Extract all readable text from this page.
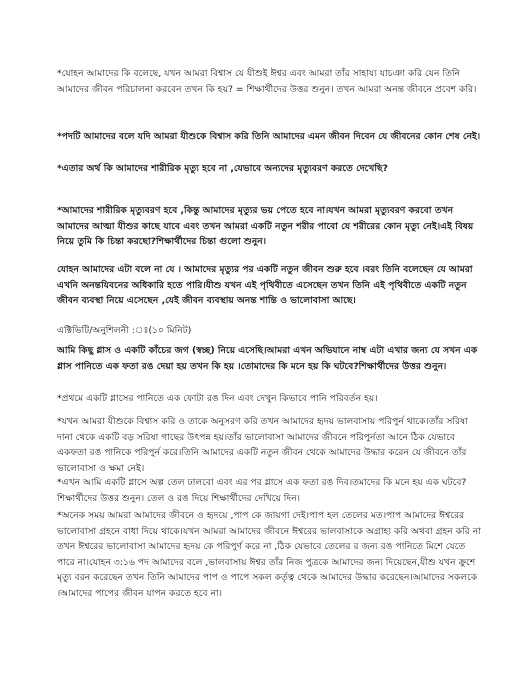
*যোহন আমাদের কি বলেছে, যখন আমরা বিশ্বাস যে যীশুই ঈশ্বর এবং আমরা তাঁর সাহায্য যাচঞা করি যেন তিনি আমাদের জীবন পরিচালনা করবেন তখন কি হয়? = শিক্ষার্থীদের উত্তর শুনুন। তখন আমরা অনন্ত জীবনে প্রবেশ করি।

*পদটি আমাদের বলে যদি আমরা যীশুকে বিশ্বাস করি তিনি আমাদের এমন জীবন দিবেন যে জীবনের কোন শেষ নেই।

*এতার অর্থ কি আমাদের শারীরিক মৃত্যু হবে না ,যেভাবে অন্যদের মৃত্যুবরণ করতে দেখেছি?

*আমাদের শারীরিক মৃত্যুবরণ হবে ,কিন্তু আমাদের মৃত্যুর ভয় পেতে হবে না।যখন আমরা মৃত্যুবরণ করবো তখন আমাদের আত্মা যীশুর কাছে যাবে এবং তখন আমরা একটি নতুন শরীর পাবো যে শরীরের কোন মৃত্যু নেই।এই বিষয় নিয়ে তুমি কি চিন্তা করছো?শিক্ষার্থীদের চিন্তা গুলো শুনুন।

যোহন আমাদের এটা বলে না যে । আমাদের মৃত্যুর পর একটি নতুন জীবন শুরু হবে ।বরং তিনি বলেছেন যে আমরা এখনি অনন্তযিবনের অধিকারি হতে পারি।যীশু যখন এই পৃথিবীতে এসেছেন তখন তিনি এই পৃথিবীতে একটি নতুন জীবন ব্যবস্থা নিয়ে এসেছেন ,যেই জীবন ব্যবস্থায় অনন্ত শান্তি ও ভালোবাসা আছে।

এক্টিভিটি/অনুশিলনী :ঃ(১০ মিনিট)

আমি কিছু গ্লাস ও একটি কাঁচের জগ (স্বচ্ছ) নিয়ে এসেছি।আমরা এখন অভিযানে নাম্ব এটা এখার জন্য যে সখন এক গ্লাস পানিতে এক ফতা রঙ দেয়া হয় তখন কি হয় ।তোমাদের কি মনে হয় কি ঘটবে?শিক্ষার্থীদের উত্তর শুনুন।

*প্রথমে একটি গ্লাসের পানিতে এক ফোটা রঙ দিন এবং দেখুন কিভাবে পানি পরিবর্তন হয়।

*যখন আমরা যীশুকে বিশ্বাস করি ও তাকে অনুসরণ করি তখন আমাদের হৃদয় ভালবাসায় পরিপুর্ন থাকে।তাঁর সরিষা দানা থেকে একটি বড় সরিষা গাছের উৎপন্ন হয়।তাঁর ভালোবাসা আমাদের জীবনে পরিপুর্নতা আনে ঠিক যেভাবে একফতা রঙ পানিকে পরিপুর্ন করে।তিনি আমাদের একটি নতুন জীবন থেকে আমাদের উদ্ধার করেন যে জীবনে তাঁর ভালোবাসা ও ক্ষমা নেই।

*এখন আমি একটি গ্লাসে অল্প তেল ঢালবো এবং এর পর গ্লাসে এক ফতা রঙ দিব।তমাদের কি মনে হয় এক ঘটবে?শিক্ষার্থীদের উত্তর শুনুন। তেল ও রঙ দিয়ে শিক্ষার্থীদের দেখিয়ে দিন।

*অনেক সময় আমরা আমাদের জীবনে ও হৃদয়ে ,পাপ কে জায়গা দেই।পাপ হল তেলের মত।পাপ আমাদের ঈশ্বরের ভালোবাসা গ্রহনে বাধা দিয়ে থাকে।যখন আমরা আমাদের জীবনে ঈশ্বরের ভালবাসাকে অগ্রাহ্য করি অথবা গ্রহন করি না তখন ঈশ্বরের ভালোবাসা আমাদের হৃদয় কে পরিপুর্ণ করে না ,ঠিক যেভাবে তেলের র জন্য রঙ পানিতে মিশে যেতে পারে না।যোহন ৩:১৬ পদ আমাদের বলে ,ভালবাসায় ঈশ্বর তাঁর নিজ পুত্রকে আমাদের জন্য দিয়েছেন,যীশু যখন ক্রুশে মৃত্যু বরন করেছেন তখন তিনি আমাদের পাপ ও পাপে সকল কর্তৃত্ব থেকে আমাদের উদ্ধার করেছেন।আমাদের সকলকে ।আমাদের পাপের জীবন যাপন করতে হবে না।
